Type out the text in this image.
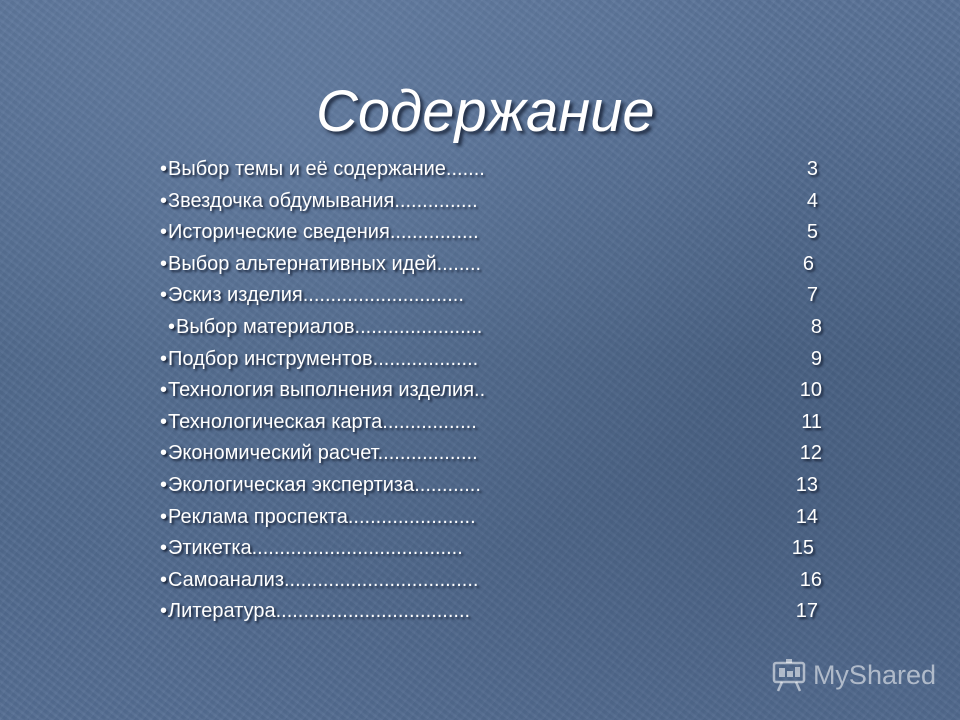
Содержание
•Выбор темы и её содержание.......	3
•Звездочка обдумывания...............	4
•Исторические сведения................	5
•Выбор альтернативных идей........	6
•Эскиз изделия.............................	7
•Выбор материалов.......................	8
•Подбор инструментов...................	9
•Технология выполнения изделия..	10
•Технологическая карта.................	11
•Экономический расчет..................	12
•Экологическая экспертиза............	13
•Реклама проспекта.......................	14
•Этикетка......................................	15
•Самоанализ...................................	16
•Литература...................................	17
MyShared
